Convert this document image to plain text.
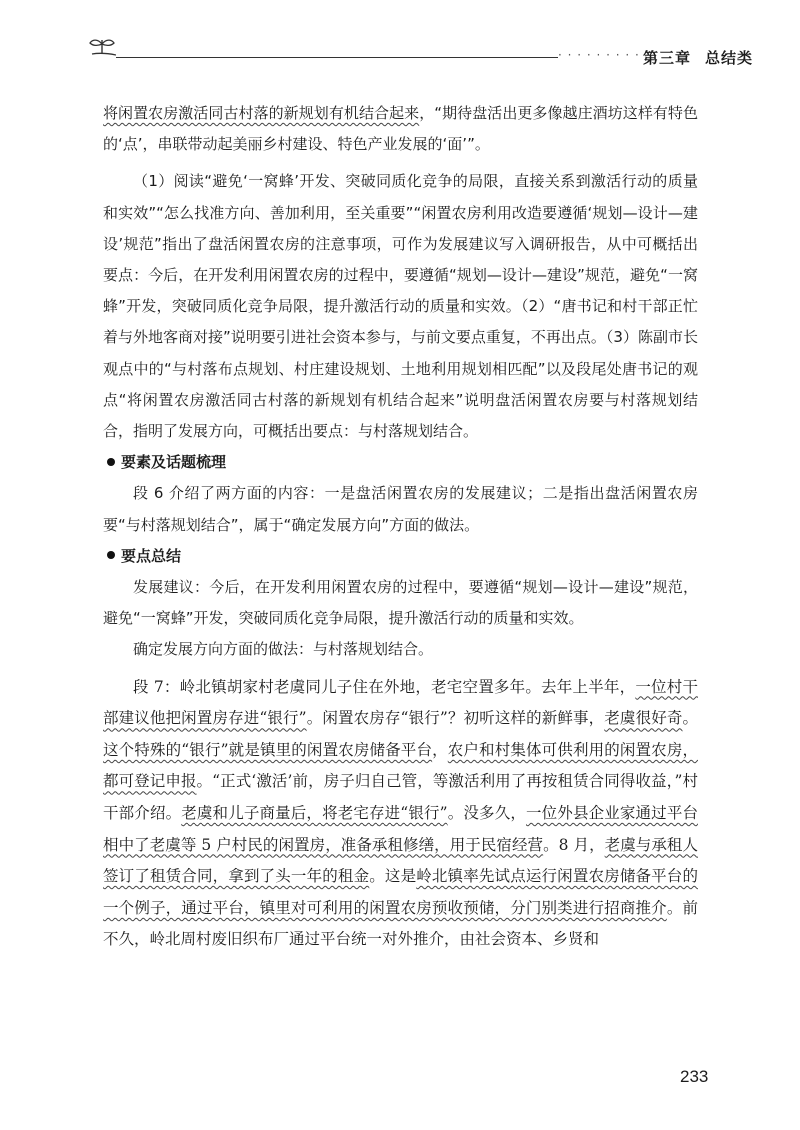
· · · · · · · · · 第三章 总结类

将闲置农房激活同古村落的新规划有机结合起来，“期待盘活出更多像越庄酒坊这样有特色的‘点’，串联带动起美丽乡村建设、特色产业发展的‘面’”。

（1）阅读“避免‘一窝蜂’开发、突破同质化竞争的局限，直接关系到激活行动的质量和实效”“怎么找准方向、善加利用，至关重要”“闲置农房利用改造要遵循‘规划—设计—建设’规范”指出了盘活闲置农房的注意事项，可作为发展建议写入调研报告，从中可概括出要点：今后，在开发利用闲置农房的过程中，要遵循“规划—设计—建设”规范，避免“一窝蜂”开发，突破同质化竞争局限，提升激活行动的质量和实效。（2）“唐书记和村干部正忙着与外地客商对接”说明要引进社会资本参与，与前文要点重复，不再出点。（3）陈副市长观点中的“与村落布点规划、村庄建设规划、土地利用规划相匹配”以及段尾处唐书记的观点“将闲置农房激活同古村落的新规划有机结合起来”说明盘活闲置农房要与村落规划结合，指明了发展方向，可概括出要点：与村落规划结合。

要素及话题梳理

段 6 介绍了两方面的内容：一是盘活闲置农房的发展建议；二是指出盘活闲置农房要“与村落规划结合”，属于“确定发展方向”方面的做法。

要点总结

发展建议：今后，在开发利用闲置农房的过程中，要遵循“规划—设计—建设”规范，避免“一窝蜂”开发，突破同质化竞争局限，提升激活行动的质量和实效。

确定发展方向方面的做法：与村落规划结合。

段 7：岭北镇胡家村老虞同儿子住在外地，老宅空置多年。去年上半年，一位村干部建议他把闲置房存进“银行”。闲置农房存“银行”？初听这样的新鲜事，老虞很好奇。这个特殊的“银行”就是镇里的闲置农房储备平台，农户和村集体可供利用的闲置农房，都可登记申报。“正式‘激活’前，房子归自己管，等激活利用了再按租赁合同得收益，”村干部介绍。老虞和儿子商量后，将老宅存进“银行”。没多久，一位外县企业家通过平台相中了老虞等 5 户村民的闲置房，准备承租修缮，用于民宿经营。8 月，老虞与承租人签订了租赁合同，拿到了头一年的租金。这是岭北镇率先试点运行闲置农房储备平台的一个例子，通过平台，镇里对可利用的闲置农房预收预储，分门别类进行招商推介。前不久，岭北周村废旧织布厂通过平台统一对外推介，由社会资本、乡贤和

233
